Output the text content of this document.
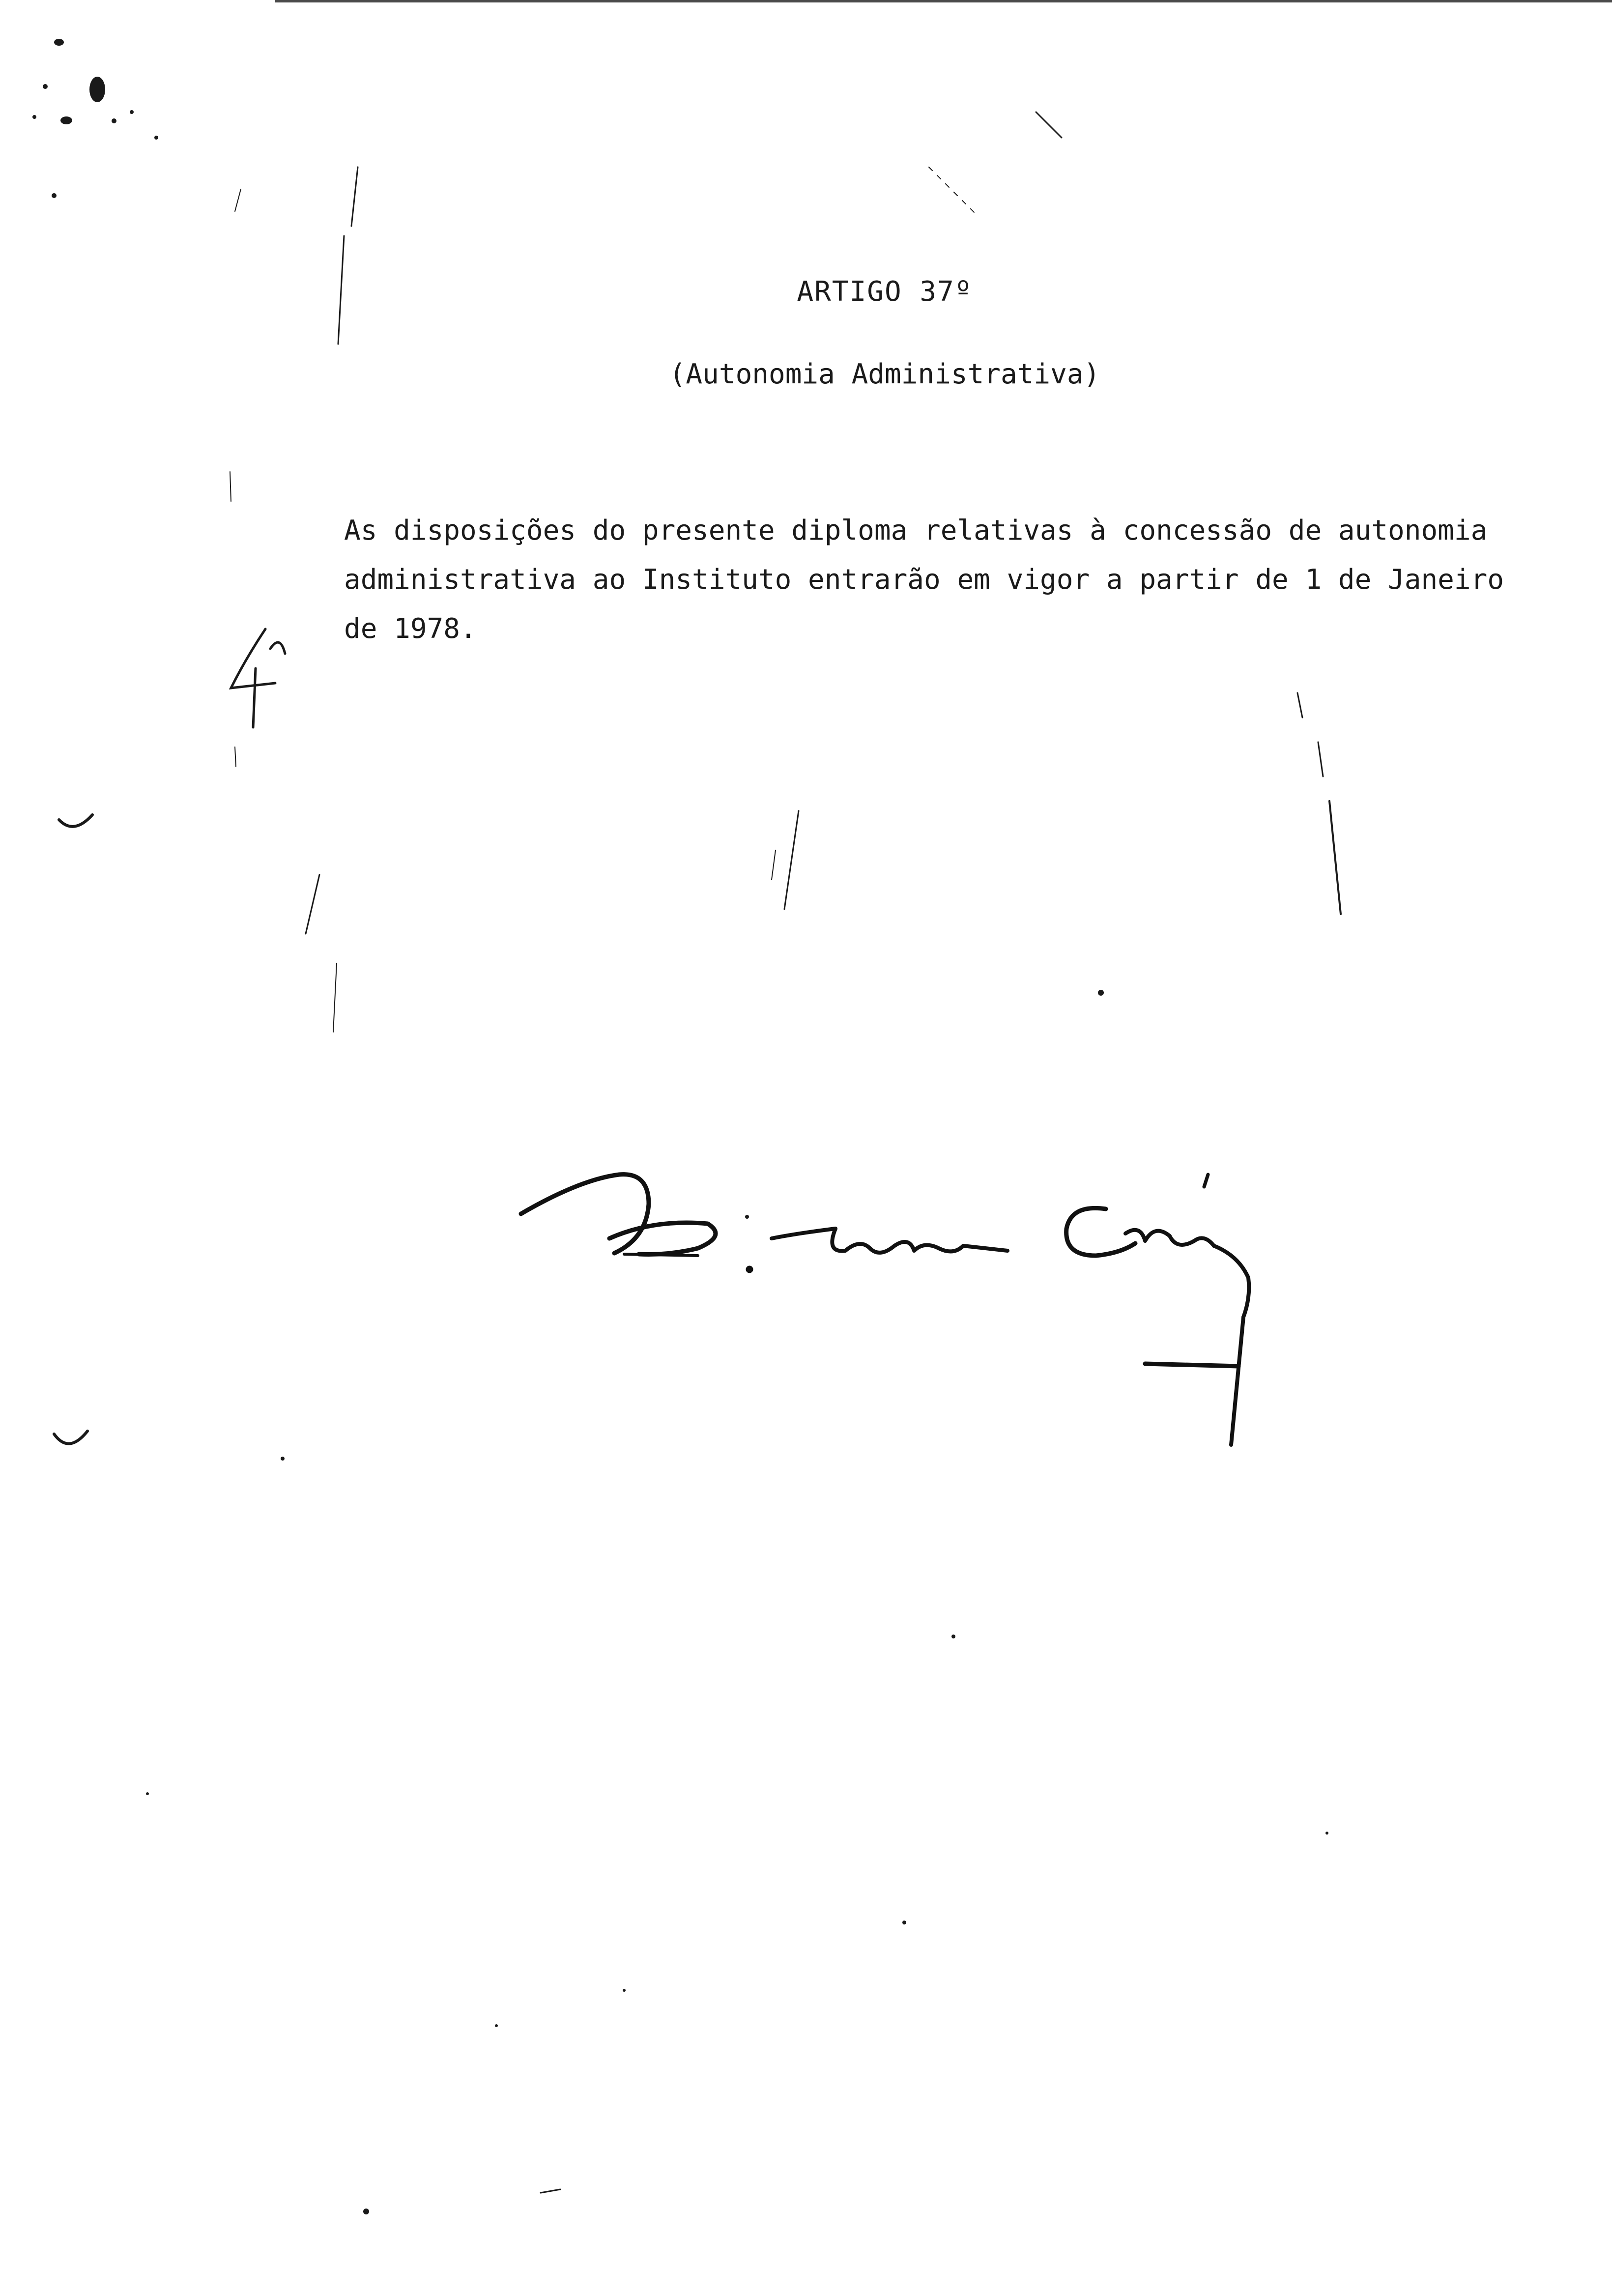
ARTIGO 37º
(Autonomia Administrativa)
As disposições do presente diploma relativas à concessão de autonomia
administrativa ao Instituto entrarão em vigor a partir de 1 de Janeiro
de 1978.
